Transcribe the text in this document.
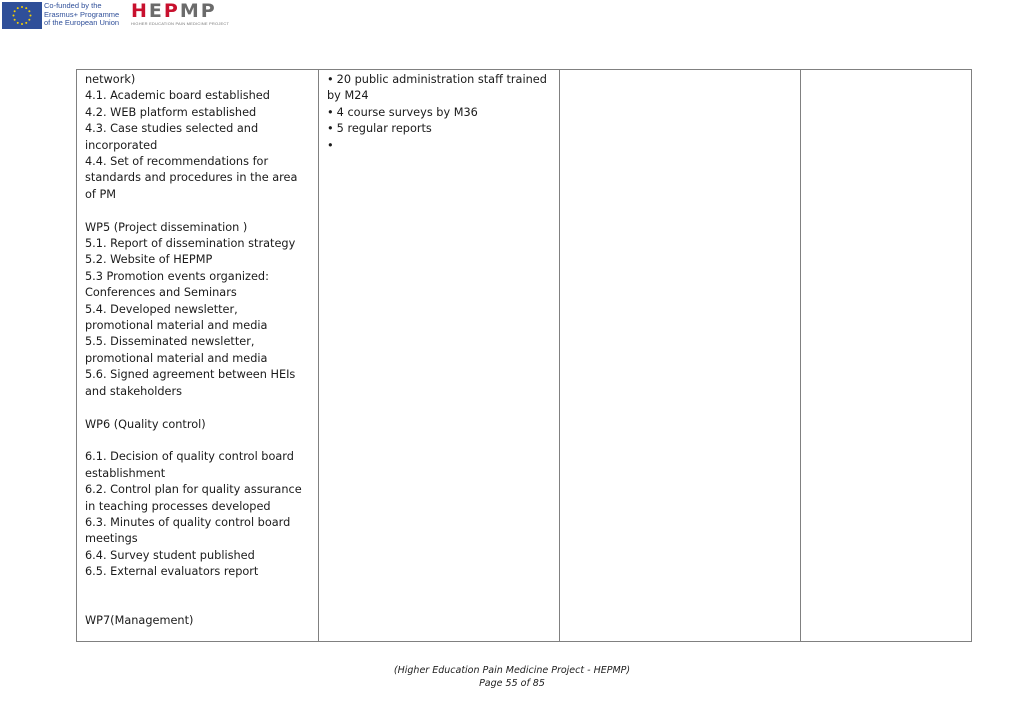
Co-funded by the
Erasmus+ Programme
of the European Union
HEPMP
HIGHER EDUCATION PAIN MEDICINE PROJECT
network)
4.1. Academic board established
4.2. WEB platform established
4.3. Case studies selected and
incorporated
4.4. Set of recommendations for
standards and procedures in the area
of PM
WP5 (Project dissemination )
5.1. Report of dissemination strategy
5.2. Website of HEPMP
5.3 Promotion events organized:
Conferences and Seminars
5.4. Developed newsletter,
promotional material and media
5.5. Disseminated newsletter,
promotional material and media
5.6. Signed agreement between HEIs
and stakeholders
WP6 (Quality control)
6.1. Decision of quality control board
establishment
6.2. Control plan for quality assurance
in teaching processes developed
6.3. Minutes of quality control board
meetings
6.4. Survey student published
6.5. External evaluators report
WP7(Management)

• 20 public administration staff trained
by M24
• 4 course surveys by M36
• 5 regular reports
•

(Higher Education Pain Medicine Project - HEPMP)
Page 55 of 85
